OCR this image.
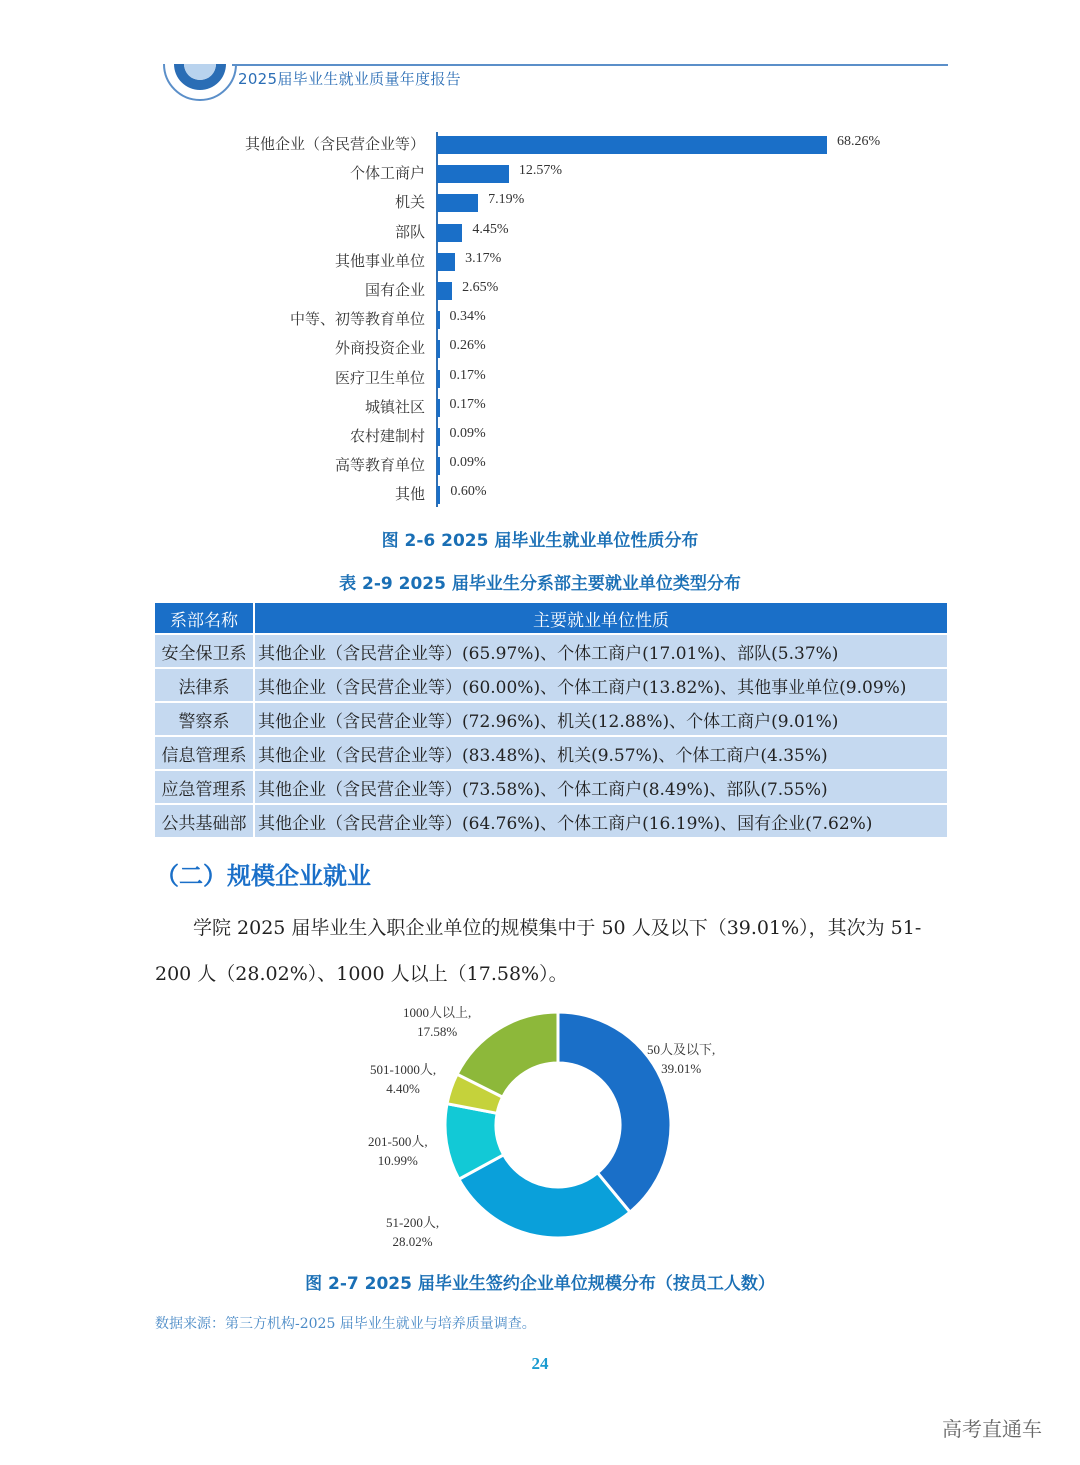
2025届毕业生就业质量年度报告
其他企业（含民营企业等）	68.26%
个体工商户	12.57%
机关	7.19%
部队	4.45%
其他事业单位	3.17%
国有企业	2.65%
中等、初等教育单位 0.34%
外商投资企业 0.26%
医疗卫生单位 0.17%
城镇社区 0.17%
农村建制村 0.09%
高等教育单位 0.09%
其他 0.60%
图 2-6 2025 届毕业生就业单位性质分布
表 2-9 2025 届毕业生分系部主要就业单位类型分布
系部名称	主要就业单位性质
安全保卫系	其他企业（含民营企业等）(65.97%)、个体工商户(17.01%)、部队(5.37%)
法律系	其他企业（含民营企业等）(60.00%)、个体工商户(13.82%)、其他事业单位(9.09%)
警察系	其他企业（含民营企业等）(72.96%)、机关(12.88%)、个体工商户(9.01%)
信息管理系	其他企业（含民营企业等）(83.48%)、机关(9.57%)、个体工商户(4.35%)
应急管理系	其他企业（含民营企业等）(73.58%)、个体工商户(8.49%)、部队(7.55%)
公共基础部	其他企业（含民营企业等）(64.76%)、个体工商户(16.19%)、国有企业(7.62%)
（二）规模企业就业
学院 2025 届毕业生入职企业单位的规模集中于 50 人及以下（39.01%），其次为 51-200 人（28.02%）、1000 人以上（17.58%）。
50人及以下,
39.01%
51-200人,
28.02%
201-500人,
10.99%
501-1000人,
4.40%
1000人以上,
17.58%
图 2-7 2025 届毕业生签约企业单位规模分布（按员工人数）
数据来源：第三方机构-2025 届毕业生就业与培养质量调查。
24
高考直通车
